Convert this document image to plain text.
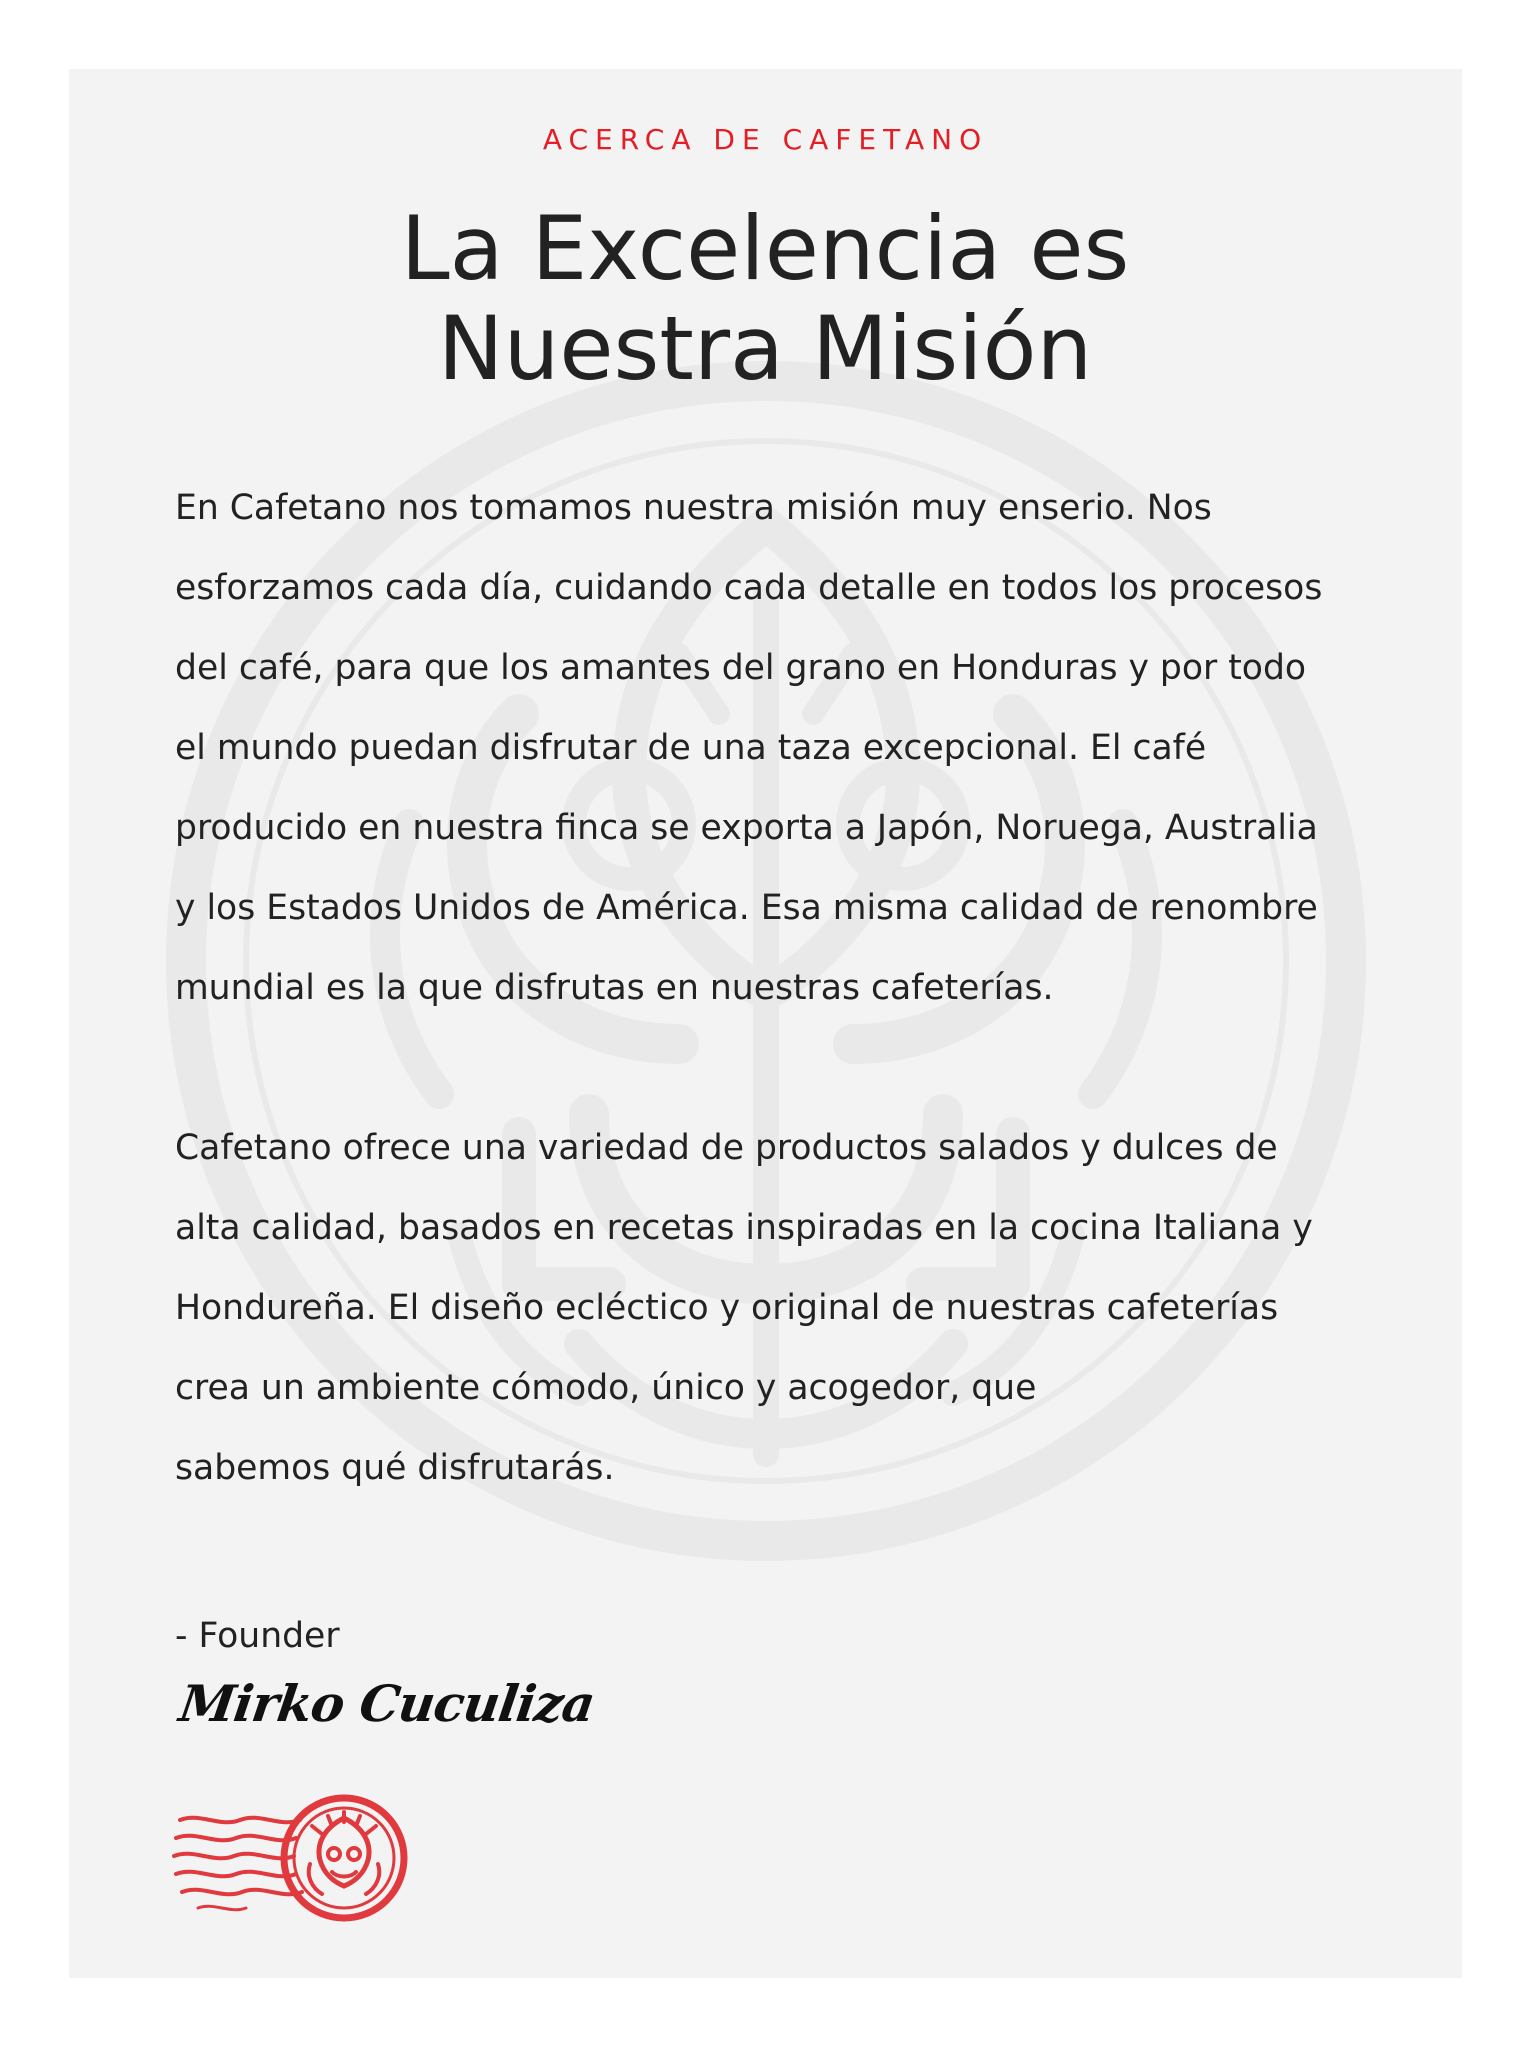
ACERCA DE CAFETANO

La Excelencia es Nuestra Misión

En Cafetano nos tomamos nuestra misión muy enserio. Nos
esforzamos cada día, cuidando cada detalle en todos los procesos
del café, para que los amantes del grano en Honduras y por todo
el mundo puedan disfrutar de una taza excepcional. El café
producido en nuestra finca se exporta a Japón, Noruega, Australia
y los Estados Unidos de América. Esa misma calidad de renombre
mundial es la que disfrutas en nuestras cafeterías.

Cafetano ofrece una variedad de productos salados y dulces de
alta calidad, basados en recetas inspiradas en la cocina Italiana y
Hondureña. El diseño ecléctico y original de nuestras cafeterías
crea un ambiente cómodo, único y acogedor, que
sabemos qué disfrutarás.

- Founder

Mirko Cuculiza
